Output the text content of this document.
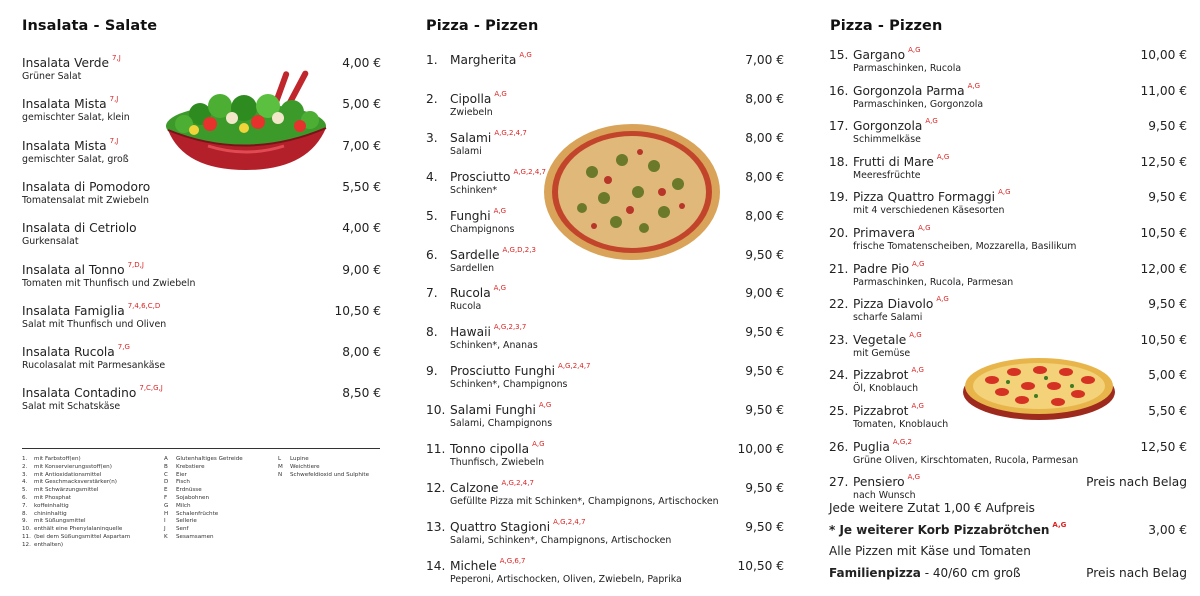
Insalata - Salate
Insalata Verde $^{7,J}$
Grüner Salat
4,00 €
Insalata Mista $^{7,J}$
gemischter Salat, klein
5,00 €
Insalata Mista $^{7,J}$
gemischter Salat, groß
7,00 €
Insalata di Pomodoro
Tomatensalat mit Zwiebeln
5,50 €
Insalata di Cetriolo
Gurkensalat
4,00 €
Insalata al Tonno $^{7,D,J}$
Tomaten mit Thunfisch und Zwiebeln
9,00 €
Insalata Famiglia $^{7,4,6,C,D}$
Salat mit Thunfisch und Oliven
10,50 €
Insalata Rucola $^{7,G}$
Rucolasalat mit Parmesankäse
8,00 €
Insalata Contadino $^{7,C,G,J}$
Salat mit Schatskäse
8,50 €
1. mit Farbstoff(en)
2. mit Konservierungsstoff(en)
3. mit Antioxidationsmittel
4. mit Geschmacksverstärker(n)
5. mit Schwärzungsmittel
6. mit Phosphat
7. koffeinhaltig
8. chininhaltig
9. mit Süßungsmittel
10. enthält eine Phenylalaninquelle
11. (bei dem Süßungsmittel Aspartam
12. enthalten)
A Glutenhaltiges Getreide
B Krebstiere
C Eier
D Fisch
E Erdnüsse
F Sojabohnen
G Milch
H Schalenfrüchte
I Sellerie
J Senf
K Sesamsamen
L Lupine
M Weichtiere
N Schwefeldioxid und Sulphite
Pizza - Pizzen
1. Margherita $^{A,G}$	7,00 €
2. Cipolla $^{A,G}$
Zwiebeln
8,00 €
3. Salami $^{A,G,2,4,7}$
Salami
8,00 €
4. Prosciutto $^{A,G,2,4,7}$
Schinken*
8,00 €
5. Funghi $^{A,G}$
Champignons
8,00 €
6. Sardelle $^{A,G,D,2,3}$
Sardellen
9,50 €
7. Rucola $^{A,G}$
Rucola
9,00 €
8. Hawaii $^{A,G,2,3,7}$
Schinken*, Ananas
9,50 €
9. Prosciutto Funghi $^{A,G,2,4,7}$
Schinken*, Champignons
9,50 €
10. Salami Funghi $^{A,G}$
Salami, Champignons
9,50 €
11. Tonno cipolla $^{A,G}$
Thunfisch, Zwiebeln
10,00 €
12. Calzone $^{A,G,2,4,7}$
Gefüllte Pizza mit Schinken*, Champignons, Artischocken
9,50 €
13. Quattro Stagioni $^{A,G,2,4,7}$
Salami, Schinken*, Champignons, Artischocken
9,50 €
14. Michele $^{A,G,6,7}$
Peperoni, Artischocken, Oliven, Zwiebeln, Paprika
10,50 €
Pizza - Pizzen
15. Gargano $^{A,G}$
Parmaschinken, Rucola
10,00 €
16. Gorgonzola Parma $^{A,G}$
Parmaschinken, Gorgonzola
11,00 €
17. Gorgonzola $^{A,G}$
Schimmelkäse
9,50 €
18. Frutti di Mare $^{A,G}$
Meeresfrüchte
12,50 €
19. Pizza Quattro Formaggi $^{A,G}$
mit 4 verschiedenen Käsesorten
9,50 €
20. Primavera $^{A,G}$
frische Tomatenscheiben, Mozzarella, Basilikum
10,50 €
21. Padre Pio $^{A,G}$
Parmaschinken, Rucola, Parmesan
12,00 €
22. Pizza Diavolo $^{A,G}$
scharfe Salami
9,50 €
23. Vegetale $^{A,G}$
mit Gemüse
10,50 €
24. Pizzabrot $^{A,G}$
Öl, Knoblauch
5,00 €
25. Pizzabrot $^{A,G}$
Tomaten, Knoblauch
5,50 €
26. Puglia $^{A,G,2}$
Grüne Oliven, Kirschtomaten, Rucola, Parmesan
12,50 €
27. Pensiero $^{A,G}$
nach Wunsch
Preis nach Belag
Jede weitere Zutat 1,00 € Aufpreis
* Je weiterer Korb Pizzabrötchen $^{A,G}$	3,00 €
Alle Pizzen mit Käse und Tomaten
Familienpizza - 40/60 cm groß	Preis nach Belag
